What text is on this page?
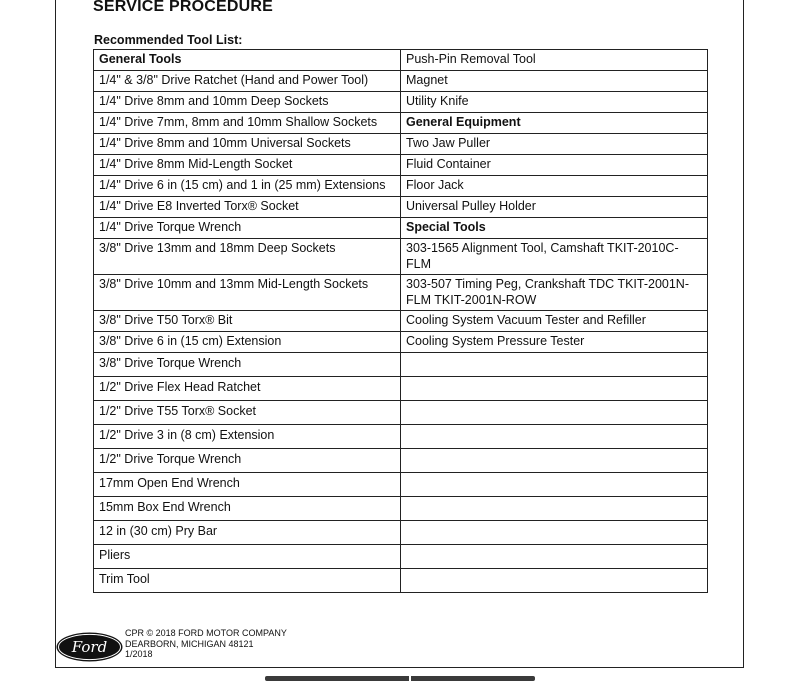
SERVICE PROCEDURE
Recommended Tool List:
General Tools	Push-Pin Removal Tool
1/4" & 3/8" Drive Ratchet (Hand and Power Tool)	Magnet
1/4" Drive 8mm and 10mm Deep Sockets	Utility Knife
1/4" Drive 7mm, 8mm and 10mm Shallow Sockets	General Equipment
1/4" Drive 8mm and 10mm Universal Sockets	Two Jaw Puller
1/4" Drive 8mm Mid-Length Socket	Fluid Container
1/4" Drive 6 in (15 cm) and 1 in (25 mm) Extensions	Floor Jack
1/4" Drive E8 Inverted Torx® Socket	Universal Pulley Holder
1/4" Drive Torque Wrench	Special Tools
3/8" Drive 13mm and 18mm Deep Sockets	303-1565 Alignment Tool, Camshaft TKIT-2010C-FLM
3/8" Drive 10mm and 13mm Mid-Length Sockets	303-507 Timing Peg, Crankshaft TDC TKIT-2001N-FLM TKIT-2001N-ROW
3/8" Drive T50 Torx® Bit	Cooling System Vacuum Tester and Refiller
3/8" Drive 6 in (15 cm) Extension	Cooling System Pressure Tester
3/8" Drive Torque Wrench	
1/2" Drive Flex Head Ratchet	
1/2" Drive T55 Torx® Socket	
1/2" Drive 3 in (8 cm) Extension	
1/2" Drive Torque Wrench	
17mm Open End Wrench	
15mm Box End Wrench	
12 in (30 cm) Pry Bar	
Pliers	
Trim Tool	
Ford
CPR © 2018 FORD MOTOR COMPANY
DEARBORN, MICHIGAN 48121
1/2018
